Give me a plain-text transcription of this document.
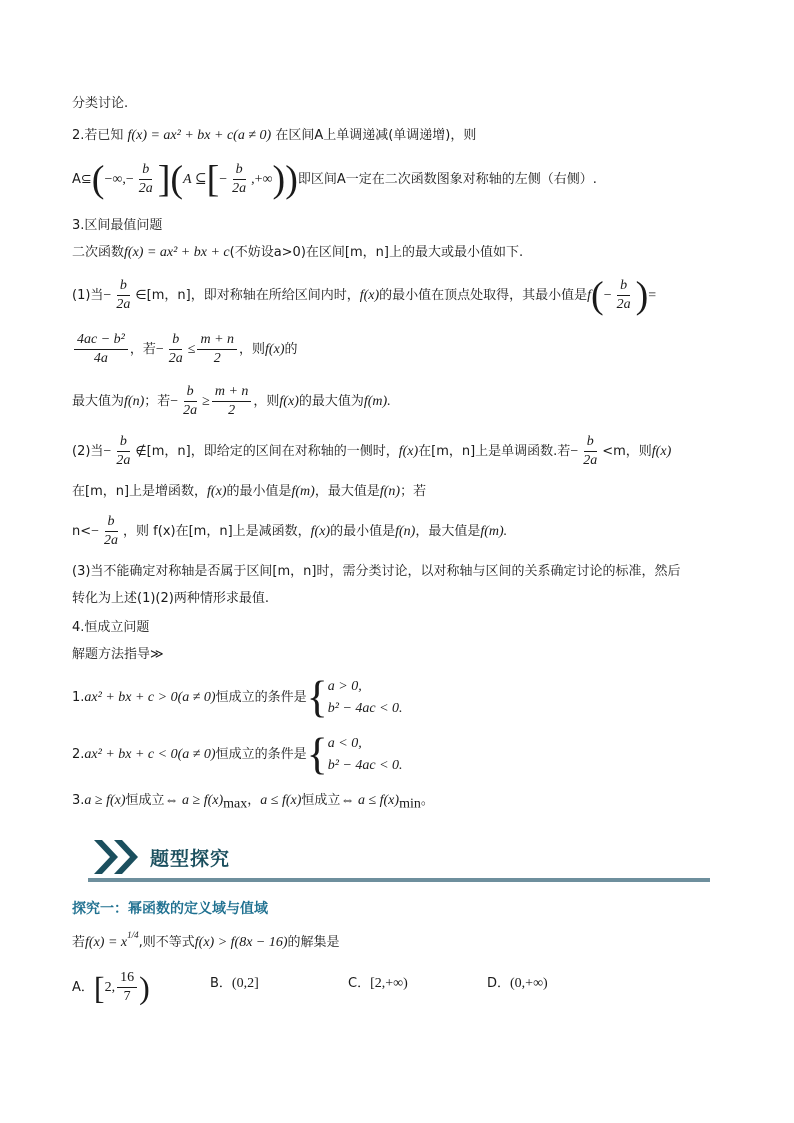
分类讨论.
2.若已知 f(x) = ax² + bx + c(a ≠ 0) 在区间A上单调递减(单调递增)，则
A⊆(−∞,− $\frac{b}{2a} ](A$ ⊆[− $\frac{b}{2a}$ ,+∞))即区间A一定在二次函数图象对称轴的左侧（右侧）.
3.区间最值问题
二次函数f(x) = ax² + bx + c(不妨设a>0)在区间[m，n]上的最大或最小值如下.
(1)当− $\frac{b}{2a}$ ∈[m，n]，即对称轴在所给区间内时，f(x)的最小值在顶点处取得，其最小值是$f(- \frac{b}{2a}$ )=
$\frac{\text{4ac − b²}}{4a}$ ，若− $\frac{b}{2a} \le \frac{m + n}{2}$ ，则f(x)的
最大值为f(n)；若− $\frac{b}{2a} \ge \frac{m + n}{2}$ ，则f(x)的最大值为f(m).
(2)当− $\frac{b}{2a}$ ∉[m，n]，即给定的区间在对称轴的一侧时，f(x)在[m，n]上是单调函数.若− $\frac{b}{2a} <m$，则f(x)
在[m，n]上是增函数，f(x)的最小值是f(m)，最大值是f(n)；若
$n<- \frac{b}{2a}$ ，则 f(x)在[m，n]上是减函数，f(x)的最小值是f(n)，最大值是f(m).
(3)当不能确定对称轴是否属于区间[m，n]时，需分类讨论，以对称轴与区间的关系确定讨论的标准，然后
转化为上述(1)(2)两种情形求最值.
4.恒成立问题
解题方法指导≫
1.ax² + bx + c > 0(a ≠ 0)恒成立的条件是{ a > 0,
b² − 4ac < 0.
2.ax² + bx + c < 0(a ≠ 0)恒成立的条件是{ a < 0,
b² − 4ac < 0.
3.a ≥ f(x)恒成立⇔ $a \ge f(x)_{max}$，a ≤ f(x)恒成立⇔ $a \le f(x)_{min}$。
题型探究
探究一：幂函数的定义域与值域
若$f(x) = x^{1/4}$,则不等式f(x) > f(8x − 16)的解集是
A．[2, $\frac{16}{7}$ )	B．(0,2]	C．[2,+∞)	D．(0,+∞)
